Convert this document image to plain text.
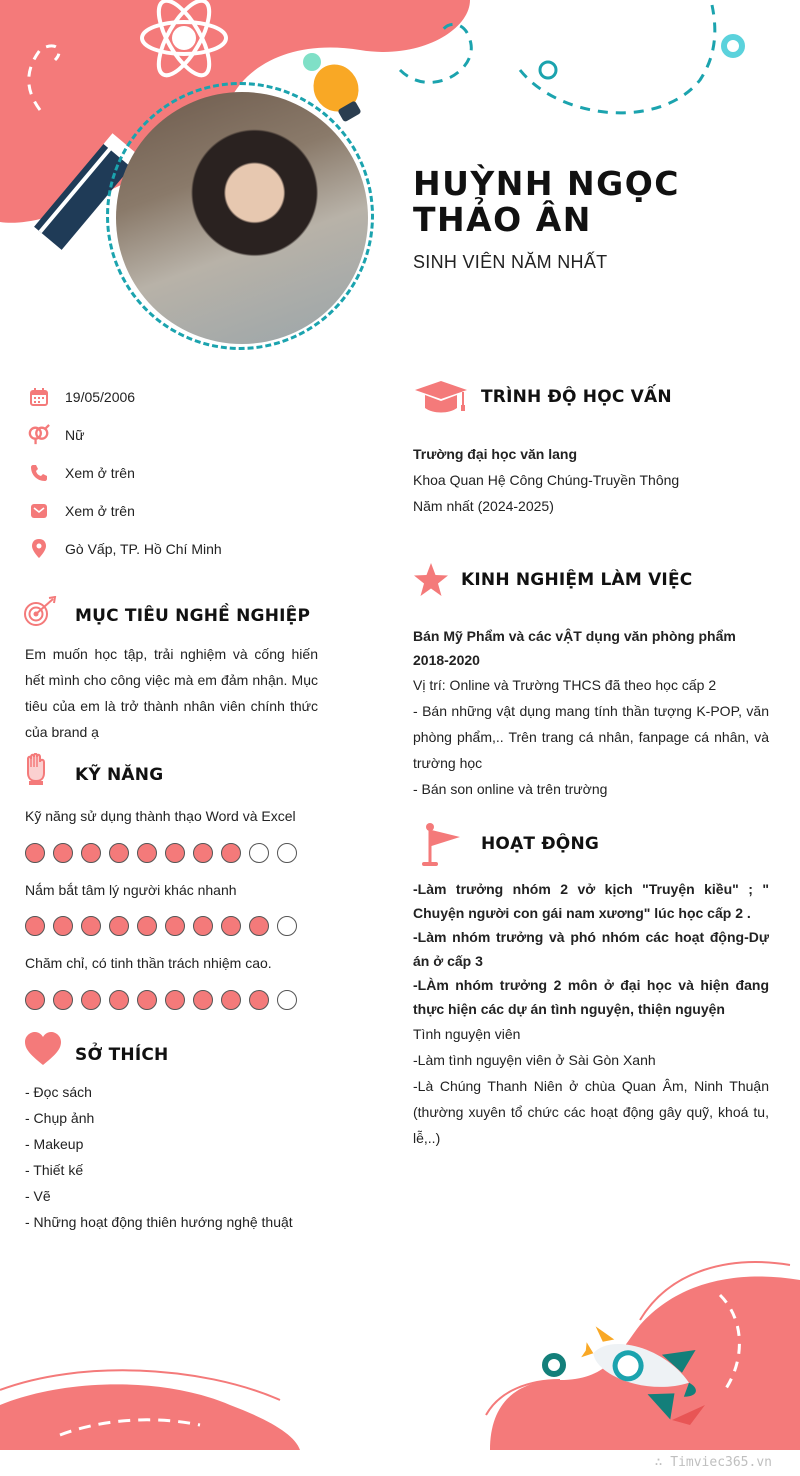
HUỲNH NGỌC THẢO ÂN
SINH VIÊN NĂM NHẤT
19/05/2006
Nữ
Xem ở trên
Xem ở trên
Gò Vấp, TP. Hồ Chí Minh
MỤC TIÊU NGHỀ NGHIỆP
Em muốn học tập, trải nghiệm và cống hiến hết mình cho công việc mà em đảm nhận. Mục tiêu của em là trở thành nhân viên chính thức của brand ạ
KỸ NĂNG
Kỹ năng sử dụng thành thạo Word và Excel
Nắm bắt tâm lý người khác nhanh
Chăm chỉ, có tinh thần trách nhiệm cao.
SỞ THÍCH
- Đọc sách
- Chụp ảnh
- Makeup
- Thiết kế
- Vẽ
- Những hoạt động thiên hướng nghệ thuật
TRÌNH ĐỘ HỌC VẤN
Trường đại học văn lang
Khoa Quan Hệ Công Chúng-Truyền Thông
Năm nhất (2024-2025)
KINH NGHIỆM LÀM VIỆC
Bán Mỹ Phẩm và các vẬT dụng văn phòng phẩm
2018-2020
Vị trí: Online và Trường THCS đã theo học cấp 2
- Bán những vật dụng mang tính thần tượng K-POP, văn phòng phẩm,.. Trên trang cá nhân, fanpage cá nhân, và trường học
- Bán son online và trên trường
HOẠT ĐỘNG
-Làm trưởng nhóm 2 vở kịch "Truyện kiều" ; " Chuyện người con gái nam xương" lúc học cấp 2 .
-Làm nhóm trưởng và phó nhóm các hoạt động-Dự án ở cấp 3
-LÀm nhóm trưởng 2 môn ở đại học và hiện đang thực hiện các dự án tình nguyện, thiện nguyện
Tình nguyện viên
-Làm tình nguyện viên ở Sài Gòn Xanh
-Là Chúng Thanh Niên ở chùa Quan Âm, Ninh Thuận (thường xuyên tổ chức các hoạt động gây quỹ, khoá tu, lễ,..)
∴ Timviec365.vn
